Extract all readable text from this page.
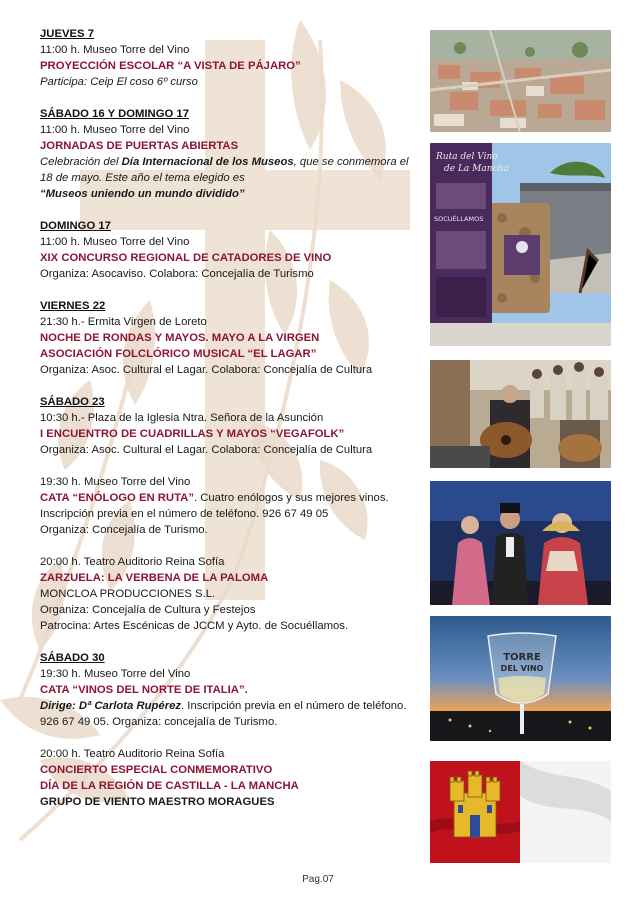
JUEVES 7
11:00 h. Museo Torre del Vino
PROYECCIÓN ESCOLAR “A VISTA DE PÁJARO”
Participa: Ceip El coso 6º curso
SÁBADO 16 Y DOMINGO 17
11:00 h. Museo Torre del Vino
JORNADAS DE PUERTAS ABIERTAS
Celebración del Día Internacional de los Museos, que se conmemora el 18 de mayo. Este año el tema elegido es
“Museos uniendo un mundo dividido”
DOMINGO 17
11:00 h. Museo Torre del Vino
XIX CONCURSO REGIONAL DE CATADORES DE VINO
Organiza: Asocaviso. Colabora: Concejalía de Turismo
VIERNES 22
21:30 h.- Ermita Virgen de Loreto
NOCHE DE RONDAS Y MAYOS. MAYO A LA VIRGEN
ASOCIACIÓN FOLCLÓRICO MUSICAL “EL LAGAR”
Organiza: Asoc. Cultural el Lagar. Colabora: Concejalía de Cultura
SÁBADO 23
10:30 h.- Plaza de la Iglesia Ntra. Señora de la Asunción
I ENCUENTRO DE CUADRILLAS Y MAYOS “VEGAFOLK”
Organiza: Asoc. Cultural el Lagar. Colabora: Concejalía de Cultura
19:30 h. Museo Torre del Vino
CATA “ENÓLOGO EN RUTA”. Cuatro enólogos y sus mejores vinos. Inscripción previa en el número de teléfono. 926 67 49 05
Organiza: Concejalía de Turismo.
20:00 h. Teatro Auditorio Reina Sofía
ZARZUELA: LA VERBENA DE LA PALOMA
MONCLOA PRODUCCIONES S.L.
Organiza: Concejalía de Cultura y Festejos
Patrocina: Artes Escénicas de JCCM y Ayto. de Socuéllamos.
SÁBADO 30
19:30 h. Museo Torre del Vino
CATA “VINOS DEL NORTE DE ITALIA”.
Dirige: Dª Carlota Rupérez. Inscripción previa en el número de teléfono. 926 67 49 05. Organiza: concejalía de Turismo.
20:00 h. Teatro Auditorio Reina Sofía
CONCIERTO ESPECIAL CONMEMORATIVO
DÍA DE LA REGIÓN DE CASTILLA - LA MANCHA
GRUPO DE VIENTO MAESTRO MORAGUES
Ruta del Vino
de La Mancha
SOCUÉLLAMOS
TORRE
DEL VINO
Pag.07
